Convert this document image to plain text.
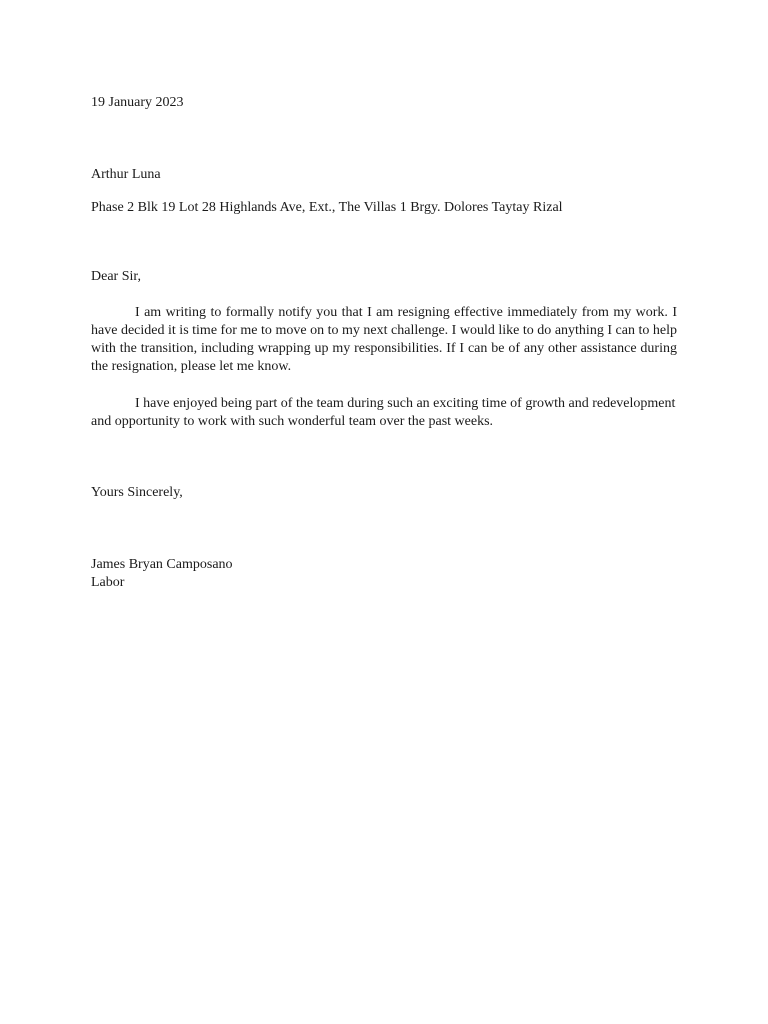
19 January 2023
Arthur Luna
Phase 2 Blk 19 Lot 28 Highlands Ave, Ext., The Villas 1 Brgy. Dolores Taytay Rizal
Dear Sir,
I am writing to formally notify you that I am resigning effective immediately from my work. I have decided it is time for me to move on to my next challenge. I would like to do anything I can to help with the transition, including wrapping up my responsibilities. If I can be of any other assistance during the resignation, please let me know.
I have enjoyed being part of the team during such an exciting time of growth and redevelopment and opportunity to work with such wonderful team over the past weeks.
Yours Sincerely,
James Bryan Camposano
Labor
